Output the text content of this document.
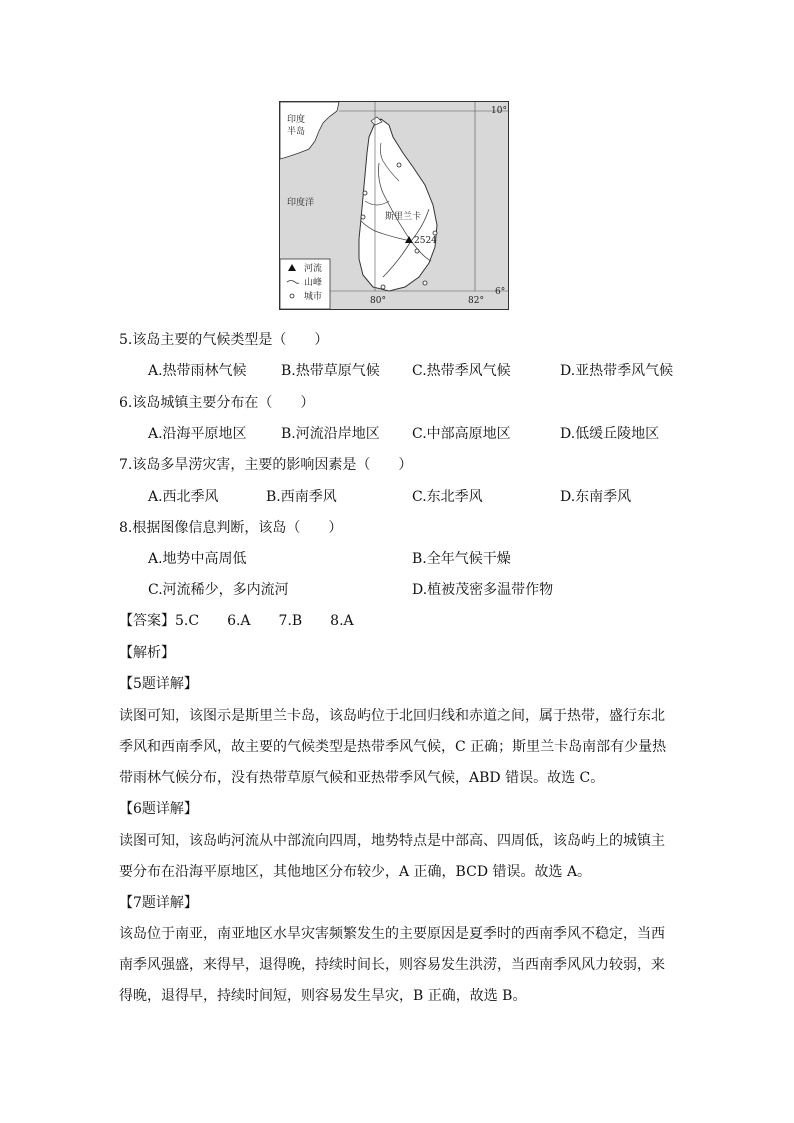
印度
半岛
印度洋
斯里兰卡
2524
10°
6°
80°	82°
河流
山峰
城市
5.该岛主要的气候类型是（　　）
A.热带雨林气候 B.热带草原气候 C.热带季风气候	D.亚热带季风气候
6.该岛城镇主要分布在（　　）
A.沿海平原地区 B.河流沿岸地区 C.中部高原地区	D.低缓丘陵地区
7.该岛多旱涝灾害，主要的影响因素是（　　）
A.西北季风	B.西南季风	C.东北季风	D.东南季风
8.根据图像信息判断，该岛（　　）
A.地势中高周低	B.全年气候干燥
C.河流稀少，多内流河	D.植被茂密多温带作物
【答案】5.C　　6.A　　7.B　　8.A
【解析】
【5题详解】
读图可知，该图示是斯里兰卡岛，该岛屿位于北回归线和赤道之间，属于热带，盛行东北
季风和西南季风，故主要的气候类型是热带季风气候，C 正确；斯里兰卡岛南部有少量热
带雨林气候分布，没有热带草原气候和亚热带季风气候，ABD 错误。故选 C。
【6题详解】
读图可知，该岛屿河流从中部流向四周，地势特点是中部高、四周低，该岛屿上的城镇主
要分布在沿海平原地区，其他地区分布较少，A 正确，BCD 错误。故选 A。
【7题详解】
该岛位于南亚，南亚地区水旱灾害频繁发生的主要原因是夏季时的西南季风不稳定，当西
南季风强盛，来得早，退得晚，持续时间长，则容易发生洪涝，当西南季风风力较弱，来
得晚，退得早，持续时间短，则容易发生旱灾，B 正确，故选 B。
